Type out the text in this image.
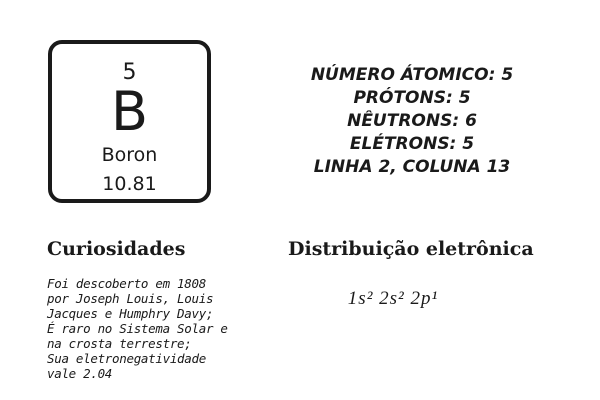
5
B
Boron
10.81
NÚMERO ÁTOMICO: 5
PRÓTONS: 5
NÊUTRONS: 6
ELÉTRONS: 5
LINHA 2, COLUNA 13
Curiosidades	Distribuição eletrônica
Foi descoberto em 1808
por Joseph Louis, Louis
Jacques e Humphry Davy;
É raro no Sistema Solar e
na crosta terrestre;
Sua eletronegatividade
vale 2.04
1s² 2s² 2p¹
